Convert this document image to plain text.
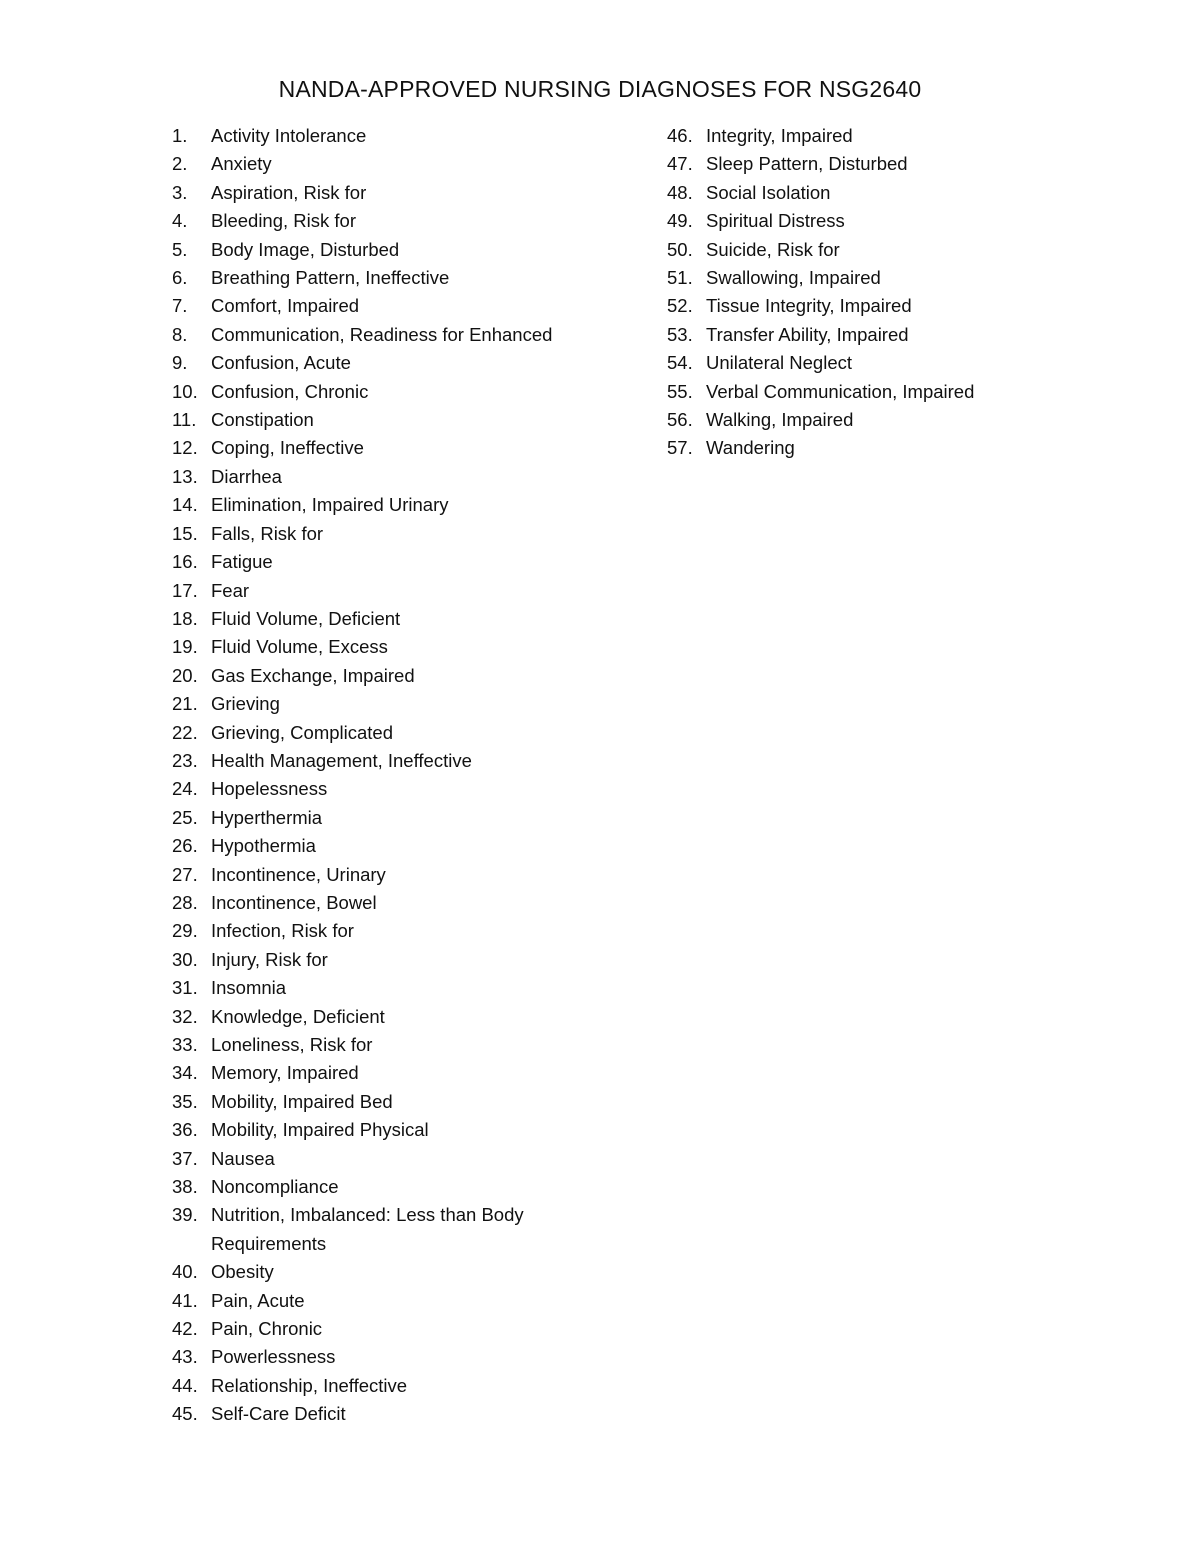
NANDA-APPROVED NURSING DIAGNOSES FOR NSG2640
1.	Activity Intolerance
2.	Anxiety
3.	Aspiration, Risk for
4.	Bleeding, Risk for
5.	Body Image, Disturbed
6.	Breathing Pattern, Ineffective
7.	Comfort, Impaired
8.	Communication, Readiness for Enhanced
9.	Confusion, Acute
10. Confusion, Chronic
11. Constipation
12. Coping, Ineffective
13. Diarrhea
14. Elimination, Impaired Urinary
15. Falls, Risk for
16. Fatigue
17. Fear
18. Fluid Volume, Deficient
19. Fluid Volume, Excess
20. Gas Exchange, Impaired
21. Grieving
22. Grieving, Complicated
23. Health Management, Ineffective
24. Hopelessness
25. Hyperthermia
26. Hypothermia
27. Incontinence, Urinary
28. Incontinence, Bowel
29. Infection, Risk for
30. Injury, Risk for
31. Insomnia
32. Knowledge, Deficient
33. Loneliness, Risk for
34. Memory, Impaired
35. Mobility, Impaired Bed
36. Mobility, Impaired Physical
37. Nausea
38. Noncompliance
39. Nutrition, Imbalanced: Less than Body Requirements
40. Obesity
41. Pain, Acute
42. Pain, Chronic
43. Powerlessness
44. Relationship, Ineffective
45. Self-Care Deficit
46. Integrity, Impaired
47. Sleep Pattern, Disturbed
48. Social Isolation
49. Spiritual Distress
50. Suicide, Risk for
51. Swallowing, Impaired
52. Tissue Integrity, Impaired
53. Transfer Ability, Impaired
54. Unilateral Neglect
55. Verbal Communication, Impaired
56. Walking, Impaired
57. Wandering
